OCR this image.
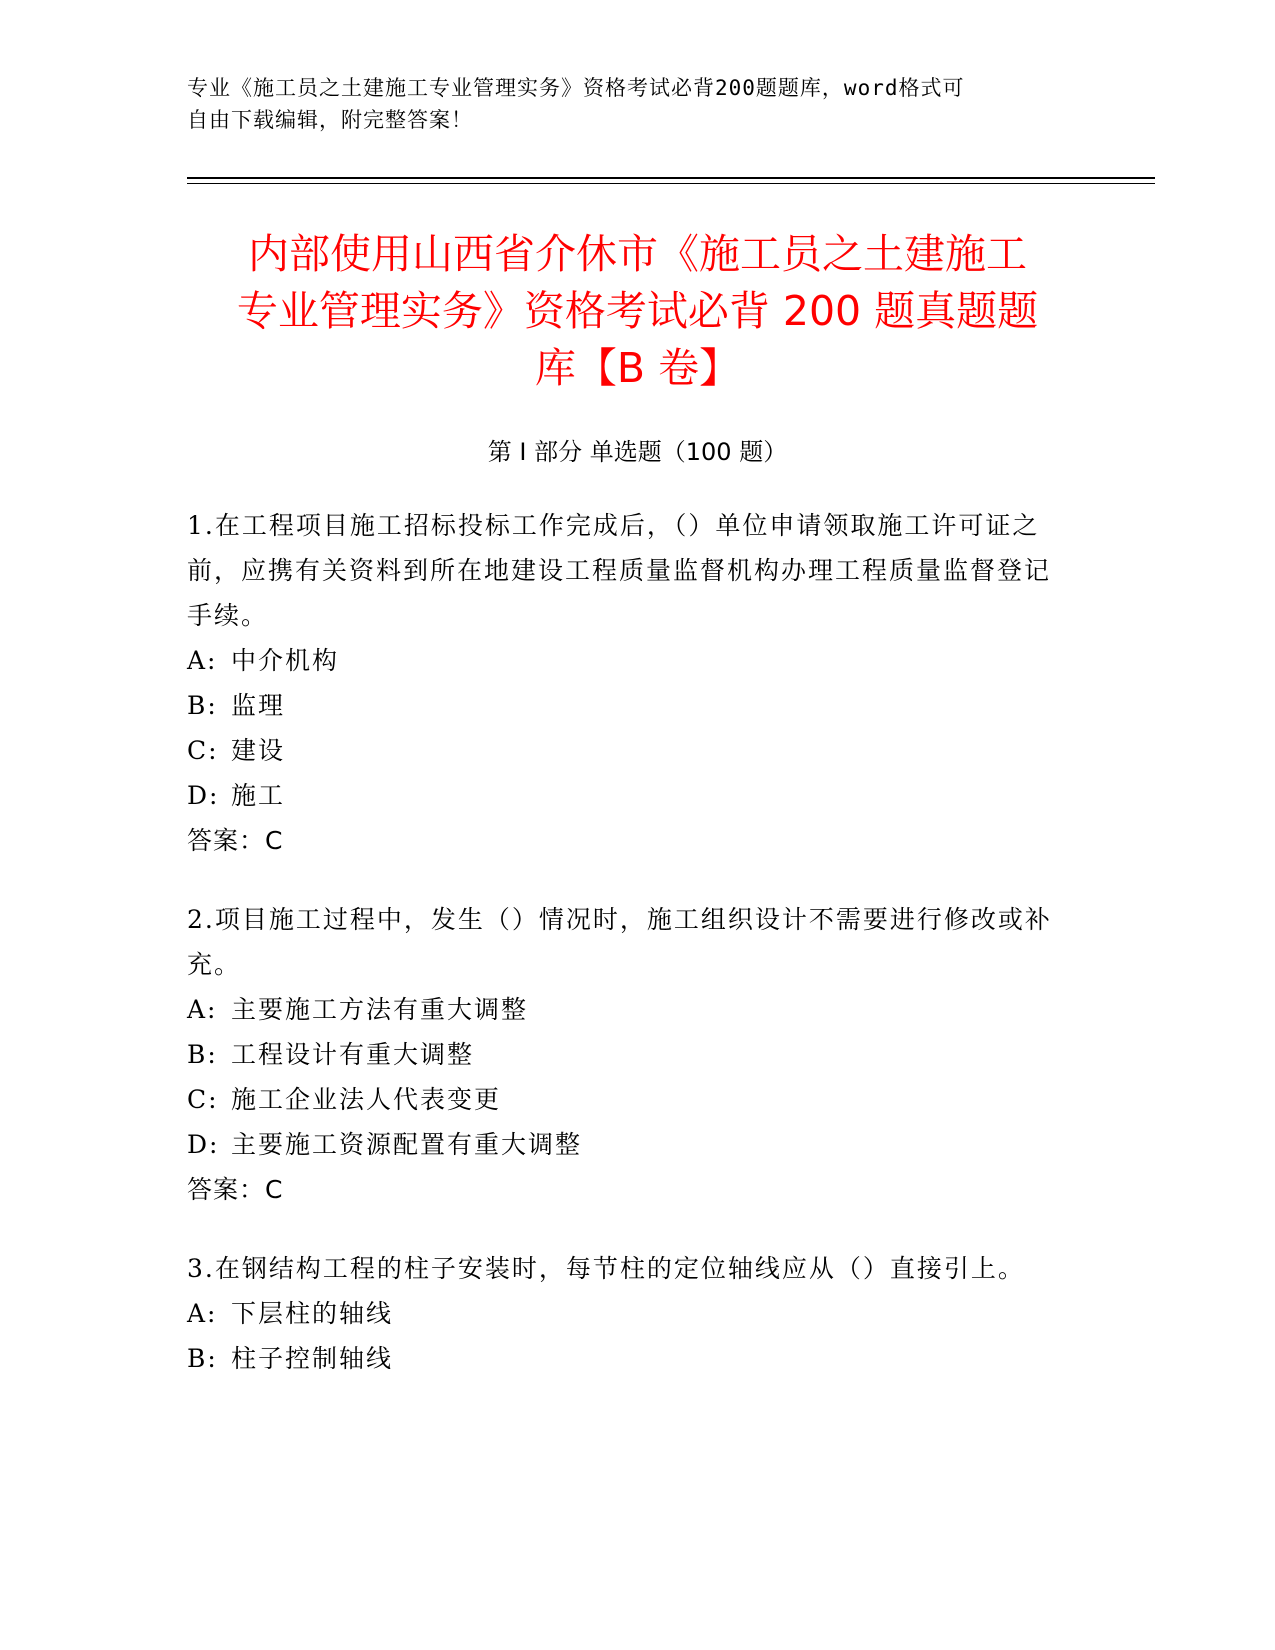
专业《施工员之土建施工专业管理实务》资格考试必背200题题库，word格式可
自由下载编辑，附完整答案！
内部使用山西省介休市《施工员之土建施工
专业管理实务》资格考试必背 200 题真题题
库【B 卷】
第 I 部分 单选题（100 题）
1.在工程项目施工招标投标工作完成后，（）单位申请领取施工许可证之前，应携有关资料到所在地建设工程质量监督机构办理工程质量监督登记手续。
A: 中介机构
B: 监理
C: 建设
D: 施工
答案：C
2.项目施工过程中，发生（）情况时，施工组织设计不需要进行修改或补充。
A: 主要施工方法有重大调整
B: 工程设计有重大调整
C: 施工企业法人代表变更
D: 主要施工资源配置有重大调整
答案：C
3.在钢结构工程的柱子安装时，每节柱的定位轴线应从（）直接引上。
A: 下层柱的轴线
B: 柱子控制轴线
